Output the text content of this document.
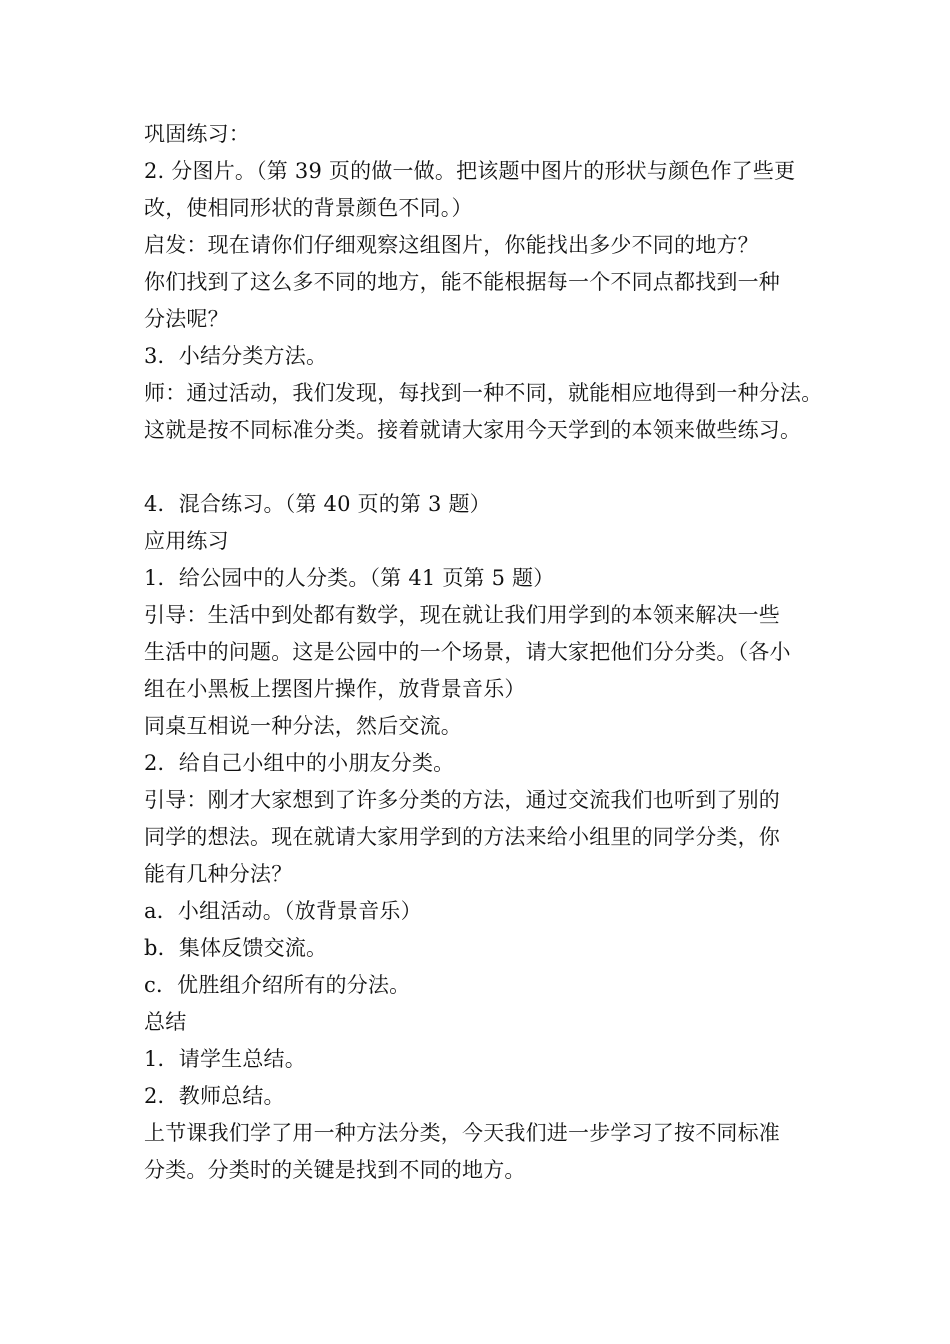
巩固练习：
2. 分图片。（第 39 页的做一做。把该题中图片的形状与颜色作了些更
改，使相同形状的背景颜色不同。）
启发：现在请你们仔细观察这组图片，你能找出多少不同的地方？
你们找到了这么多不同的地方，能不能根据每一个不同点都找到一种
分法呢？
3．小结分类方法。
师：通过活动，我们发现，每找到一种不同，就能相应地得到一种分法。
这就是按不同标准分类。接着就请大家用今天学到的本领来做些练习。
4．混合练习。（第 40 页的第 3 题）
应用练习
1．给公园中的人分类。（第 41 页第 5 题）
引导：生活中到处都有数学，现在就让我们用学到的本领来解决一些
生活中的问题。这是公园中的一个场景，请大家把他们分分类。（各小
组在小黑板上摆图片操作，放背景音乐）
同桌互相说一种分法，然后交流。
2．给自己小组中的小朋友分类。
引导：刚才大家想到了许多分类的方法，通过交流我们也听到了别的
同学的想法。现在就请大家用学到的方法来给小组里的同学分类，你
能有几种分法？
a．小组活动。（放背景音乐）
b．集体反馈交流。
c．优胜组介绍所有的分法。
总结
1．请学生总结。
2．教师总结。
上节课我们学了用一种方法分类，今天我们进一步学习了按不同标准
分类。分类时的关键是找到不同的地方。
